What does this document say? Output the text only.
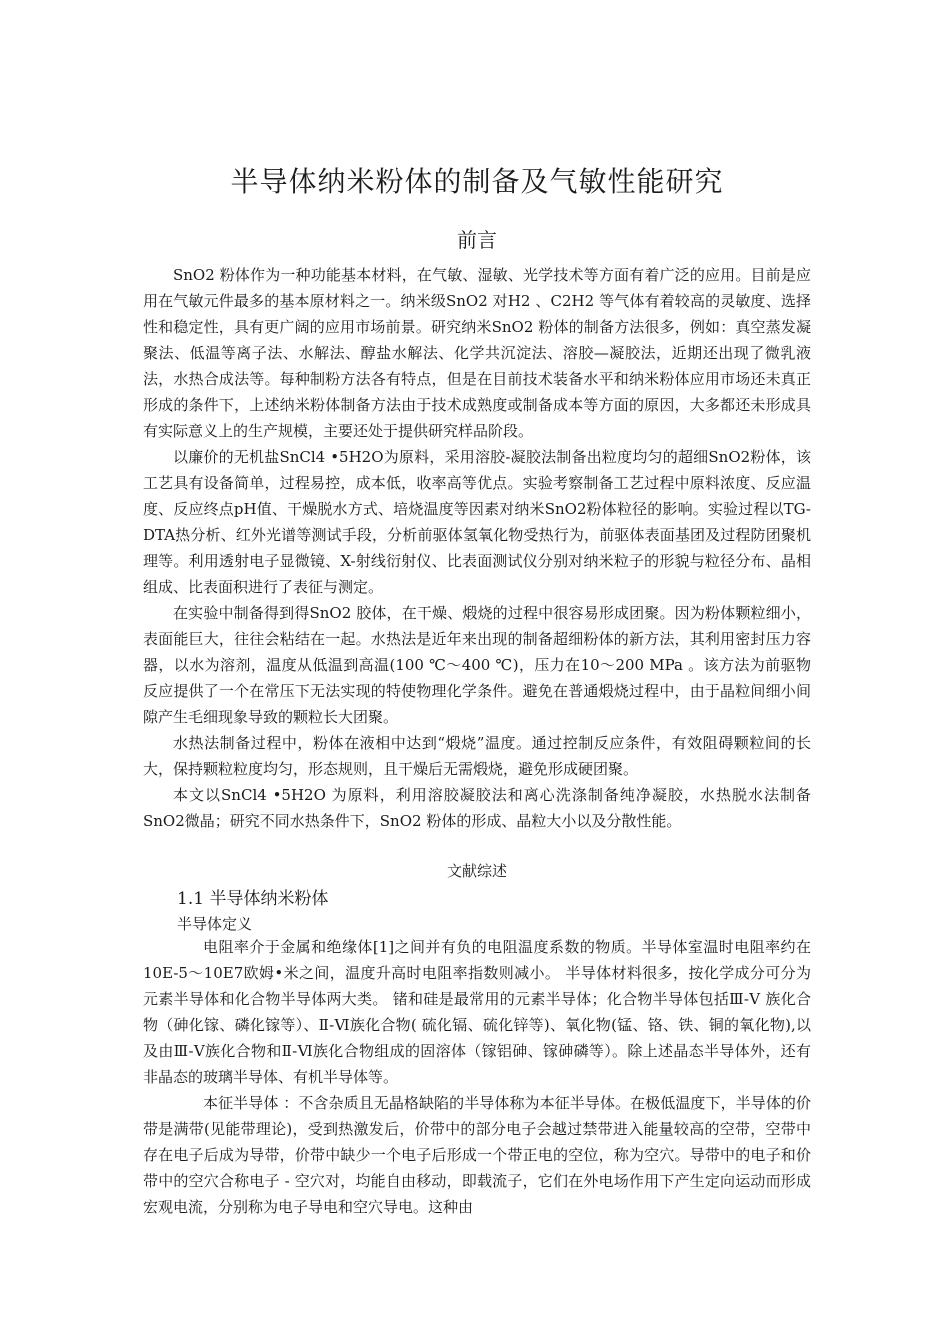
半导体纳米粉体的制备及气敏性能研究
前言

SnO2 粉体作为一种功能基本材料，在气敏、湿敏、光学技术等方面有着广泛的应用。目前是应用在气敏元件最多的基本原材料之一。纳米级SnO2 对H2 、C2H2 等气体有着较高的灵敏度、选择性和稳定性，具有更广阔的应用市场前景。研究纳米SnO2 粉体的制备方法很多，例如：真空蒸发凝聚法、低温等离子法、水解法、醇盐水解法、化学共沉淀法、溶胶—凝胶法，近期还出现了微乳液法，水热合成法等。每种制粉方法各有特点，但是在目前技术装备水平和纳米粉体应用市场还未真正形成的条件下，上述纳米粉体制备方法由于技术成熟度或制备成本等方面的原因，大多都还未形成具有实际意义上的生产规模，主要还处于提供研究样品阶段。

以廉价的无机盐SnCl4 •5H2O为原料，采用溶胶-凝胶法制备出粒度均匀的超细SnO2粉体，该工艺具有设备简单，过程易控，成本低，收率高等优点。实验考察制备工艺过程中原料浓度、反应温度、反应终点pH值、干燥脱水方式、培烧温度等因素对纳米SnO2粉体粒径的影响。实验过程以TG-DTA热分析、红外光谱等测试手段，分析前驱体氢氧化物受热行为，前驱体表面基团及过程防团聚机理等。利用透射电子显微镜、X-射线衍射仪、比表面测试仪分别对纳米粒子的形貌与粒径分布、晶相组成、比表面积进行了表征与测定。

在实验中制备得到得SnO2 胶体，在干燥、煅烧的过程中很容易形成团聚。因为粉体颗粒细小，表面能巨大，往往会粘结在一起。水热法是近年来出现的制备超细粉体的新方法，其利用密封压力容器，以水为溶剂，温度从低温到高温(100 ℃～400 ℃)，压力在10～200 MPa 。该方法为前驱物反应提供了一个在常压下无法实现的特使物理化学条件。避免在普通煅烧过程中，由于晶粒间细小间隙产生毛细现象导致的颗粒长大团聚。

水热法制备过程中，粉体在液相中达到“煅烧”温度。通过控制反应条件，有效阻碍颗粒间的长大，保持颗粒粒度均匀，形态规则，且干燥后无需煅烧，避免形成硬团聚。

本文以SnCl4 •5H2O 为原料，利用溶胶凝胶法和离心洗涤制备纯净凝胶，水热脱水法制备SnO2微晶；研究不同水热条件下，SnO2 粉体的形成、晶粒大小以及分散性能。

文献综述
1.1 半导体纳米粉体
半导体定义

电阻率介于金属和绝缘体[1]之间并有负的电阻温度系数的物质。半导体室温时电阻率约在10E-5～10E7欧姆•米之间，温度升高时电阻率指数则减小。 半导体材料很多，按化学成分可分为元素半导体和化合物半导体两大类。 锗和硅是最常用的元素半导体；化合物半导体包括Ⅲ-Ⅴ 族化合物（砷化镓、磷化镓等）、Ⅱ-Ⅵ族化合物( 硫化镉、硫化锌等)、氧化物(锰、铬、铁、铜的氧化物),以及由Ⅲ-Ⅴ族化合物和Ⅱ-Ⅵ族化合物组成的固溶体（镓铝砷、镓砷磷等）。除上述晶态半导体外，还有非晶态的玻璃半导体、有机半导体等。

本征半导体 ：不含杂质且无晶格缺陷的半导体称为本征半导体。在极低温度下，半导体的价带是满带(见能带理论)，受到热激发后，价带中的部分电子会越过禁带进入能量较高的空带，空带中存在电子后成为导带，价带中缺少一个电子后形成一个带正电的空位，称为空穴。导带中的电子和价带中的空穴合称电子 - 空穴对，均能自由移动，即载流子，它们在外电场作用下产生定向运动而形成宏观电流，分别称为电子导电和空穴导电。这种由
